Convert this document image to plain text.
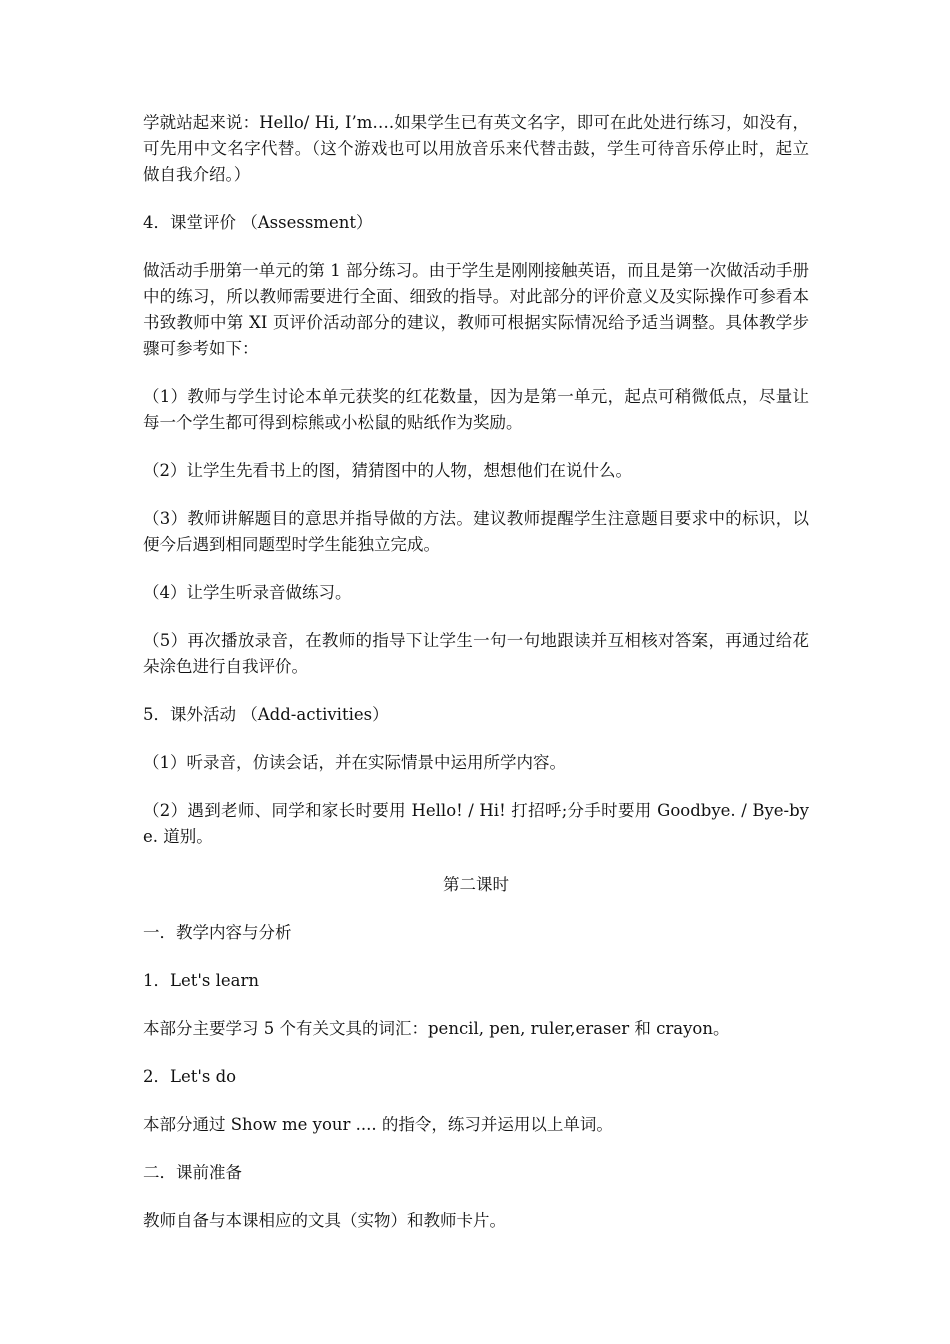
学就站起来说：Hello/ Hi, I’m….如果学生已有英文名字，即可在此处进行练习，如没有，可先用中文名字代替。（这个游戏也可以用放音乐来代替击鼓，学生可待音乐停止时，起立做自我介绍。）

4．课堂评价 （Assessment）

做活动手册第一单元的第 1 部分练习。由于学生是刚刚接触英语，而且是第一次做活动手册中的练习，所以教师需要进行全面、细致的指导。对此部分的评价意义及实际操作可参看本书致教师中第 XI 页评价活动部分的建议，教师可根据实际情况给予适当调整。具体教学步骤可参考如下：

（1）教师与学生讨论本单元获奖的红花数量，因为是第一单元，起点可稍微低点，尽量让每一个学生都可得到棕熊或小松鼠的贴纸作为奖励。

（2）让学生先看书上的图，猜猜图中的人物，想想他们在说什么。

（3）教师讲解题目的意思并指导做的方法。建议教师提醒学生注意题目要求中的标识，以便今后遇到相同题型时学生能独立完成。

（4）让学生听录音做练习。

（5）再次播放录音，在教师的指导下让学生一句一句地跟读并互相核对答案，再通过给花朵涂色进行自我评价。

5．课外活动 （Add-activities）

（1）听录音，仿读会话，并在实际情景中运用所学内容。

（2）遇到老师、同学和家长时要用 Hello! / Hi! 打招呼;分手时要用 Goodbye. / Bye-bye. 道别。

第二课时

一．教学内容与分析

1．Let's learn

本部分主要学习 5 个有关文具的词汇：pencil, pen, ruler,eraser 和 crayon。

2．Let's do

本部分通过 Show me your .... 的指令，练习并运用以上单词。

二．课前准备

教师自备与本课相应的文具（实物）和教师卡片。
